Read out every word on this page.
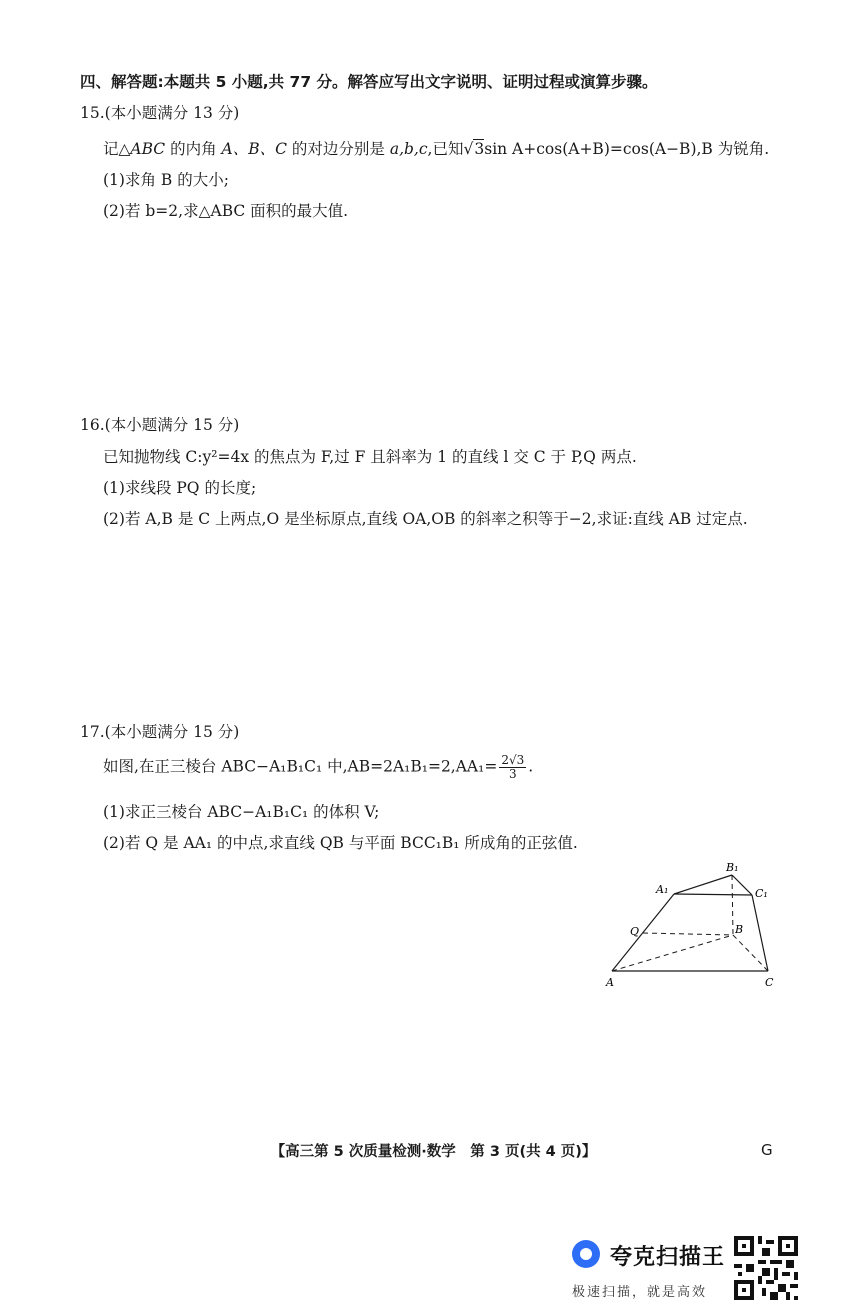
四、解答题:本题共 5 小题,共 77 分。解答应写出文字说明、证明过程或演算步骤。
15.(本小题满分 13 分)
记△ABC 的内角 A、B、C 的对边分别是 a,b,c,已知√3sin A+cos(A+B)=cos(A−B),B 为锐角.
(1)求角 B 的大小;
(2)若 b=2,求△ABC 面积的最大值.
16.(本小题满分 15 分)
已知抛物线 C:y²=4x 的焦点为 F,过 F 且斜率为 1 的直线 l 交 C 于 P,Q 两点.
(1)求线段 PQ 的长度;
(2)若 A,B 是 C 上两点,O 是坐标原点,直线 OA,OB 的斜率之积等于−2,求证:直线 AB 过定点.
17.(本小题满分 15 分)
如图,在正三棱台 ABC−A₁B₁C₁ 中$,AB=2A_1B_1=2,AA_1= \frac{2√3}{3}$ .
(1)求正三棱台 ABC−A₁B₁C₁ 的体积 V;
(2)若 Q 是 AA₁ 的中点,求直线 QB 与平面 BCC₁B₁ 所成角的正弦值.
A
B
C
A₁
B₁
C₁
Q
【高三第 5 次质量检测·数学　第 3 页(共 4 页)】	G
夸克扫描王
极速扫描，就是高效
